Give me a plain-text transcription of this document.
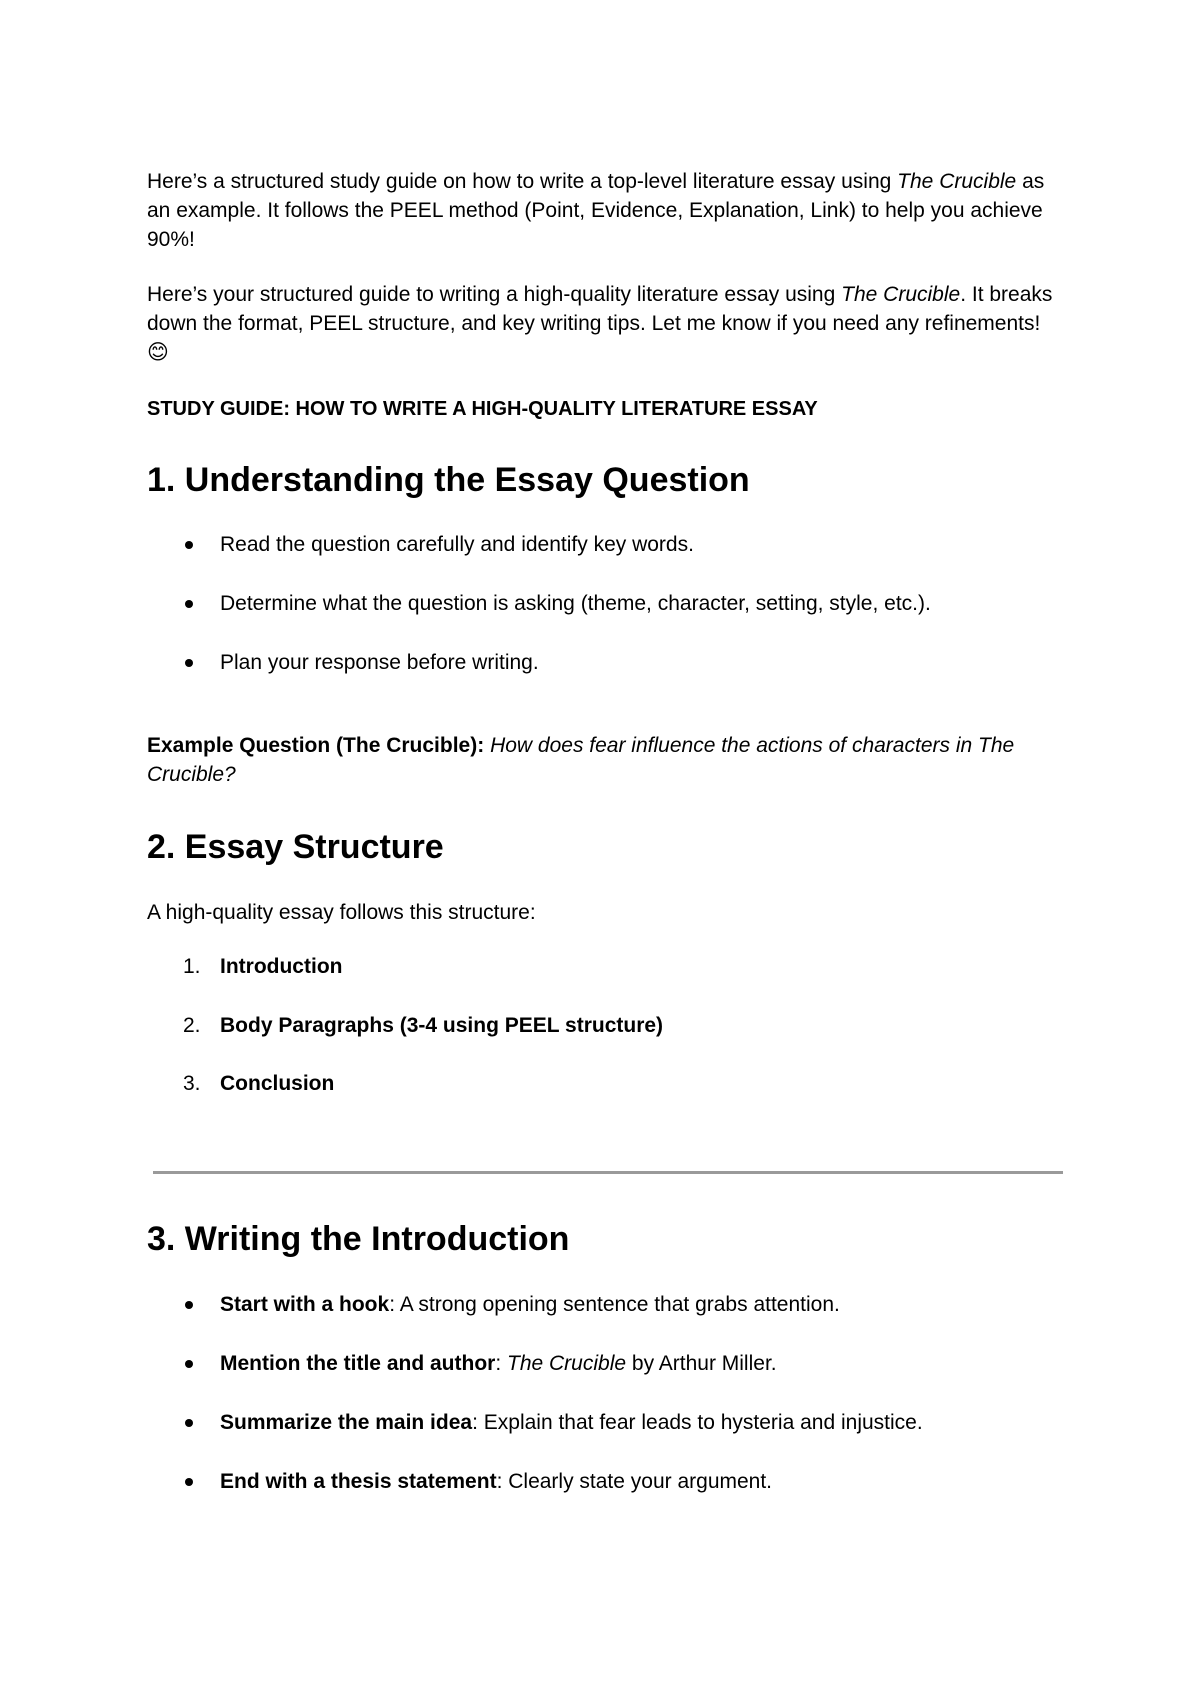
Here’s a structured study guide on how to write a top-level literature essay using The Crucible as an example. It follows the PEEL method (Point, Evidence, Explanation, Link) to help you achieve 90%!

Here’s your structured guide to writing a high-quality literature essay using The Crucible. It breaks down the format, PEEL structure, and key writing tips. Let me know if you need any refinements! 😊

STUDY GUIDE: HOW TO WRITE A HIGH-QUALITY LITERATURE ESSAY

1. Understanding the Essay Question
Read the question carefully and identify key words.
Determine what the question is asking (theme, character, setting, style, etc.).
Plan your response before writing.

Example Question (The Crucible): How does fear influence the actions of characters in The Crucible?

2. Essay Structure

A high-quality essay follows this structure:

1. Introduction
2. Body Paragraphs (3-4 using PEEL structure)
3. Conclusion
3. Writing the Introduction
Start with a hook: A strong opening sentence that grabs attention.
Mention the title and author: The Crucible by Arthur Miller.
Summarize the main idea: Explain that fear leads to hysteria and injustice.
End with a thesis statement: Clearly state your argument.
